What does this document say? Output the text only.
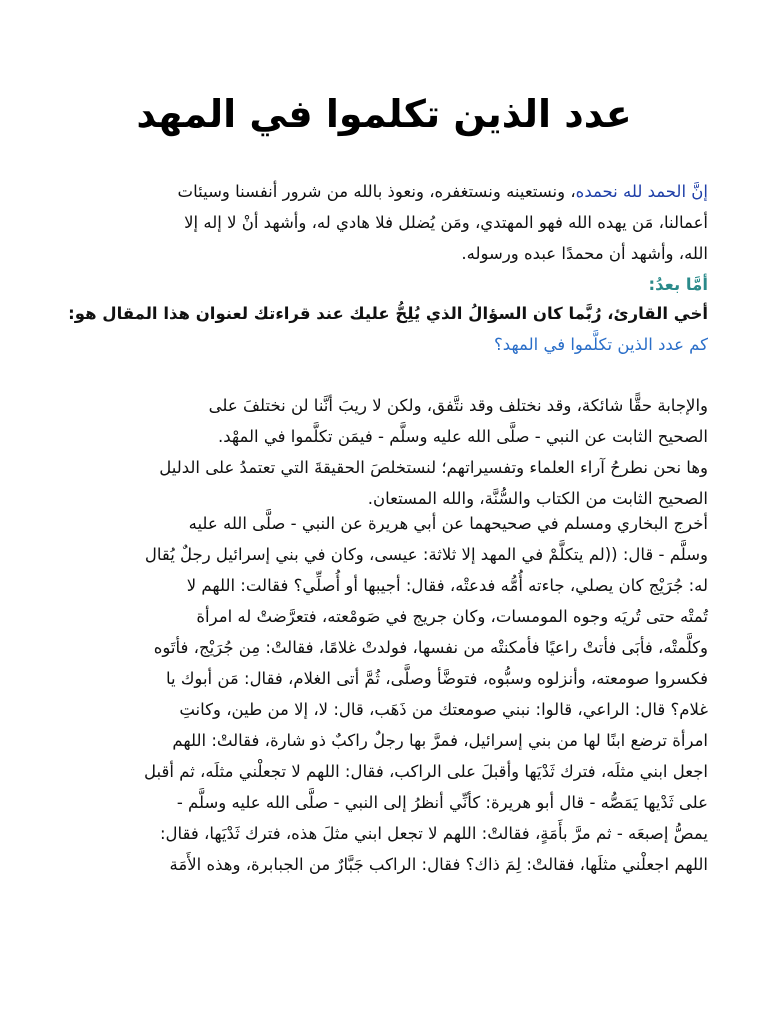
عدد الذين تكلموا في المهد
إنَّ الحمد لله نحمده، ونستعينه ونستغفره، ونعوذ بالله من شرور أنفسنا وسيئات
أعمالنا، مَن يهده الله فهو المهتدي، ومَن يُضلل فلا هادي له، وأشهد أنْ لا إله إلا
الله، وأشهد أن محمدًا عبده ورسوله.
أمَّا بعدُ:
أخي القارئ، رُبَّما كان السؤالُ الذي يُلِحُّ عليك عند قراءتك لعنوان هذا المقال هو:
كم عدد الذين تكلَّموا في المهد؟
والإجابة حقًّا شائكة، وقد نختلف وقد نتَّفق، ولكن لا ريبَ أنَّنا لن نختلفَ على
الصحيح الثابت عن النبي - صلَّى الله عليه وسلَّم - فيمَن تكلَّموا في المهْد.
وها نحن نطرحُ آراء العلماء وتفسيراتهم؛ لنستخلصَ الحقيقةَ التي تعتمدُ على الدليل
الصحيح الثابت من الكتاب والسُّنَّة، والله المستعان.
أخرج البخاري ومسلم في صحيحهما عن أبي هريرة عن النبي - صلَّى الله عليه
وسلَّم - قال: ((لم يتكلَّمْ في المهد إلا ثلاثة: عيسى، وكان في بني إسرائيل رجلٌ يُقال
له: جُرَيْج كان يصلي، جاءته أُمُّه فدعتْه، فقال: أجيبها أو أُصلِّي؟ فقالت: اللهم لا
تُمتْه حتى تُريَه وجوه المومسات، وكان جريج في صَومْعته، فتعرَّضتْ له امرأة
وكلَّمتْه، فأبَى فأتتْ راعيًا فأمكنتْه من نفسها، فولدتْ غلامًا، فقالتْ: مِن جُرَيْج، فأتَوه
فكسروا صومعته، وأنزلوه وسبُّوه، فتوضَّأ وصلَّى، ثُمَّ أتى الغلام، فقال: مَن أبوك يا
غلام؟ قال: الراعي، قالوا: نبني صومعتك من ذَهَب، قال: لا، إلا من طين، وكانتِ
امرأة ترضع ابنًا لها من بني إسرائيل، فمرَّ بها رجلٌ راكبٌ ذو شارة، فقالتْ: اللهم
اجعل ابني مثلَه، فترك ثَدْيَها وأقبلَ على الراكب، فقال: اللهم لا تجعلْني مثلَه، ثم أقبل
على ثَدْيها يَمَصُّه - قال أبو هريرة: كأنِّي أنظرُ إلى النبي - صلَّى الله عليه وسلَّم -
يمصُّ إصبعَه - ثم مرَّ بأَمَةٍ، فقالتْ: اللهم لا تجعل ابني مثلَ هذه، فترك ثَدْيَها، فقال:
اللهم اجعلْني مثلَها، فقالتْ: لِمَ ذاك؟ فقال: الراكب جَبَّارٌ من الجبابرة، وهذه الأَمَة
